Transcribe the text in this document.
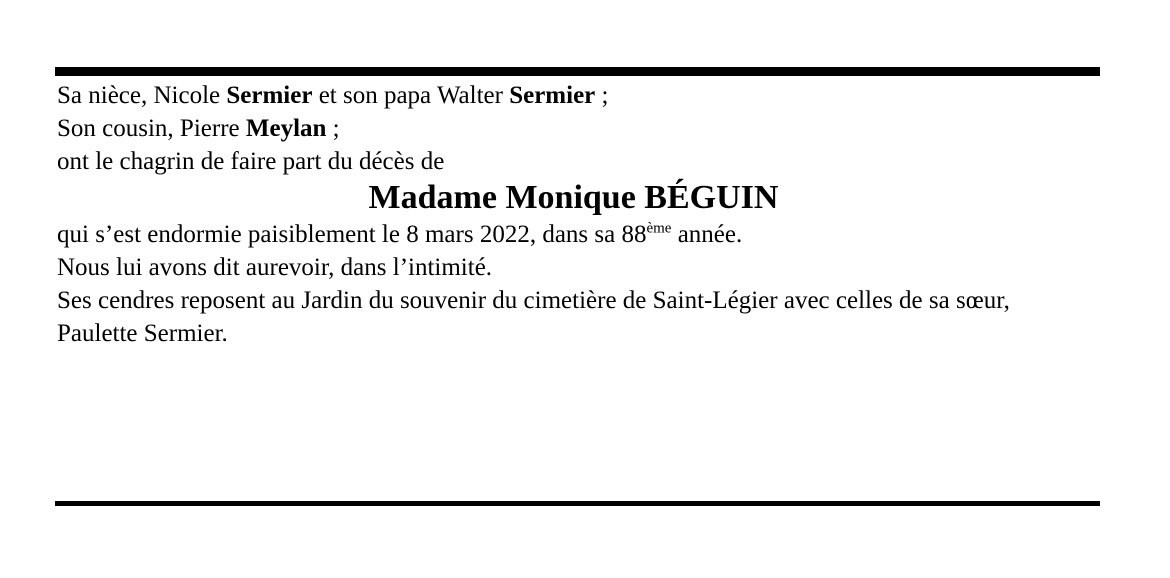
Sa nièce, Nicole Sermier et son papa Walter Sermier ;
Son cousin, Pierre Meylan ;

ont le chagrin de faire part du décès de

Madame Monique BÉGUIN

qui s’est endormie paisiblement le 8 mars 2022, dans sa 88ème année.

Nous lui avons dit aurevoir, dans l’intimité.

Ses cendres reposent au Jardin du souvenir du cimetière de Saint-Légier avec celles de sa sœur, Paulette Sermier.
